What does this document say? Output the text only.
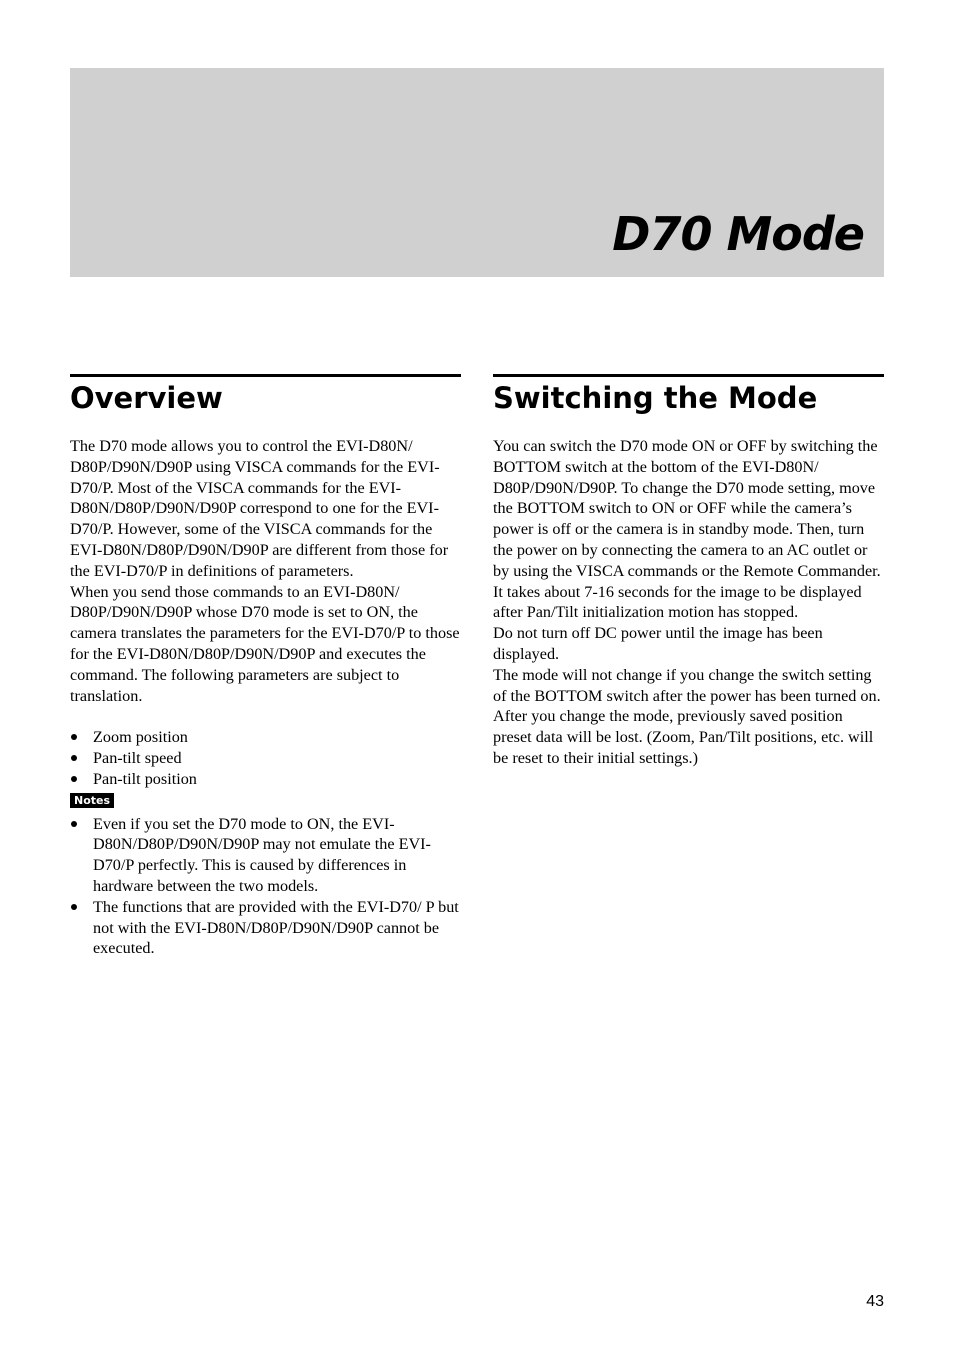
D70 Mode
Overview
The D70 mode allows you to control the EVI-D80N/ D80P/D90N/D90P using VISCA commands for the EVI-D70/P. Most of the VISCA commands for the EVI-D80N/D80P/D90N/D90P correspond to one for the EVI-D70/P. However, some of the VISCA commands for the EVI-D80N/D80P/D90N/D90P are different from those for the EVI-D70/P in definitions of parameters.
When you send those commands to an EVI-D80N/ D80P/D90N/D90P whose D70 mode is set to ON, the camera translates the parameters for the EVI-D70/P to those for the EVI-D80N/D80P/D90N/D90P and executes the command. The following parameters are subject to translation.
Zoom position
Pan-tilt speed
Pan-tilt position
Notes
Even if you set the D70 mode to ON, the EVI-D80N/D80P/D90N/D90P may not emulate the EVI-D70/P perfectly. This is caused by differences in hardware between the two models.
The functions that are provided with the EVI-D70/ P but not with the EVI-D80N/D80P/D90N/D90P cannot be executed.
Switching the Mode
You can switch the D70 mode ON or OFF by switching the BOTTOM switch at the bottom of the EVI-D80N/ D80P/D90N/D90P. To change the D70 mode setting, move the BOTTOM switch to ON or OFF while the camera’s power is off or the camera is in standby mode. Then, turn the power on by connecting the camera to an AC outlet or by using the VISCA commands or the Remote Commander.
It takes about 7-16 seconds for the image to be displayed after Pan/Tilt initialization motion has stopped.
Do not turn off DC power until the image has been displayed.
The mode will not change if you change the switch setting of the BOTTOM switch after the power has been turned on.
After you change the mode, previously saved position preset data will be lost. (Zoom, Pan/Tilt positions, etc. will be reset to their initial settings.)
43
